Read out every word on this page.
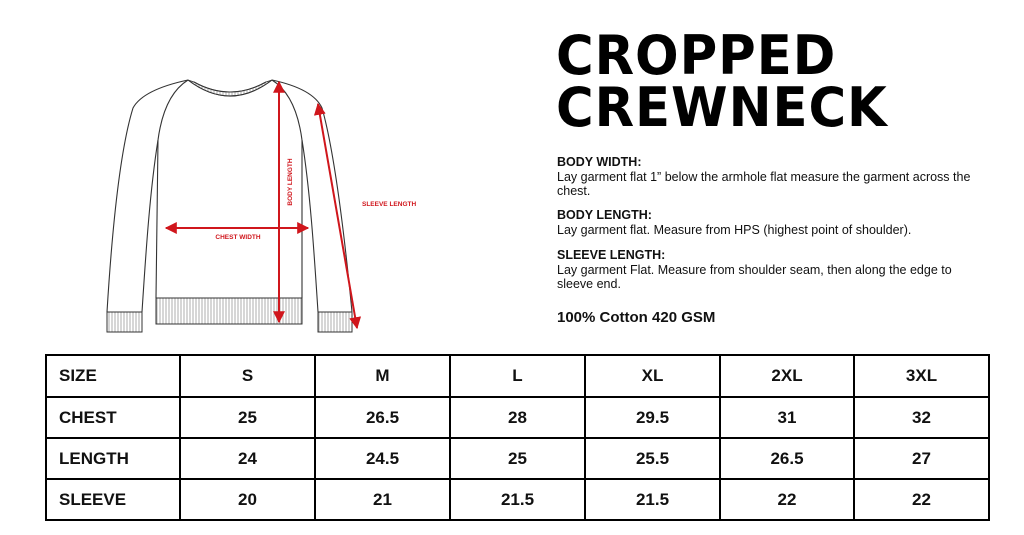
CHEST WIDTH
BODY LENGTH	SLEEVE LENGTH
CROPPED
CREWNECK
BODY WIDTH:
Lay garment flat 1” below the armhole flat measure the garment across the chest.
BODY LENGTH:
Lay garment flat. Measure from HPS (highest point of shoulder).
SLEEVE LENGTH:
Lay garment Flat. Measure from shoulder seam, then along the edge to sleeve end.
100% Cotton 420 GSM
SIZE	S	M	L	XL	2XL	3XL
CHEST	25	26.5	28	29.5	31	32
LENGTH	24	24.5	25	25.5	26.5	27
SLEEVE	20	21	21.5	21.5	22	22
